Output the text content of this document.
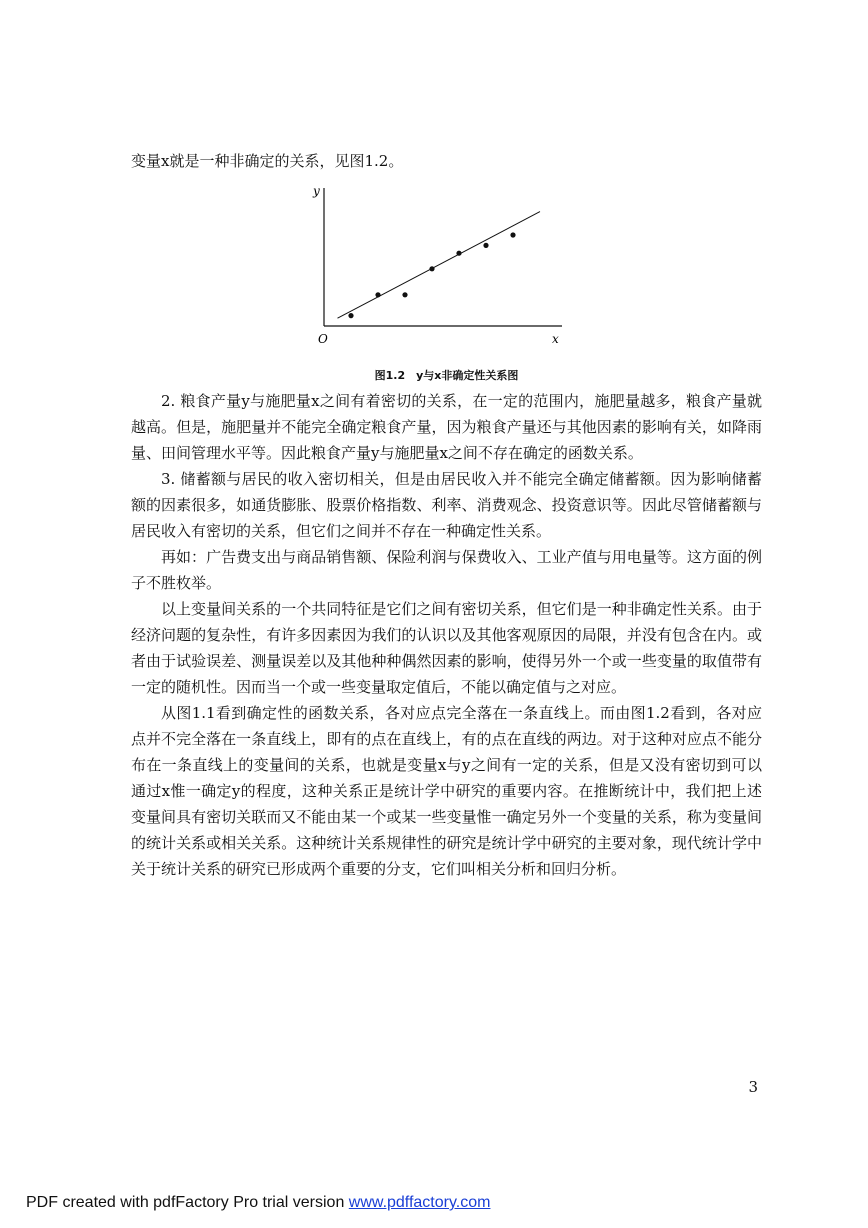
变量x就是一种非确定的关系，见图1.2。

y
x
O
图1.2　y与x非确定性关系图

2. 粮食产量y与施肥量x之间有着密切的关系，在一定的范围内，施肥量越多，粮食产量就越高。但是，施肥量并不能完全确定粮食产量，因为粮食产量还与其他因素的影响有关，如降雨量、田间管理水平等。因此粮食产量y与施肥量x之间不存在确定的函数关系。

3. 储蓄额与居民的收入密切相关，但是由居民收入并不能完全确定储蓄额。因为影响储蓄额的因素很多，如通货膨胀、股票价格指数、利率、消费观念、投资意识等。因此尽管储蓄额与居民收入有密切的关系，但它们之间并不存在一种确定性关系。

再如：广告费支出与商品销售额、保险利润与保费收入、工业产值与用电量等。这方面的例子不胜枚举。

以上变量间关系的一个共同特征是它们之间有密切关系，但它们是一种非确定性关系。由于经济问题的复杂性，有许多因素因为我们的认识以及其他客观原因的局限，并没有包含在内。或者由于试验误差、测量误差以及其他种种偶然因素的影响，使得另外一个或一些变量的取值带有一定的随机性。因而当一个或一些变量取定值后，不能以确定值与之对应。

从图1.1看到确定性的函数关系，各对应点完全落在一条直线上。而由图1.2看到，各对应点并不完全落在一条直线上，即有的点在直线上，有的点在直线的两边。对于这种对应点不能分布在一条直线上的变量间的关系，也就是变量x与y之间有一定的关系，但是又没有密切到可以通过x惟一确定y的程度，这种关系正是统计学中研究的重要内容。在推断统计中，我们把上述变量间具有密切关联而又不能由某一个或某一些变量惟一确定另外一个变量的关系，称为变量间的统计关系或相关关系。这种统计关系规律性的研究是统计学中研究的主要对象，现代统计学中关于统计关系的研究已形成两个重要的分支，它们叫相关分析和回归分析。

3
PDF created with pdfFactory Pro trial version www.pdffactory.com
